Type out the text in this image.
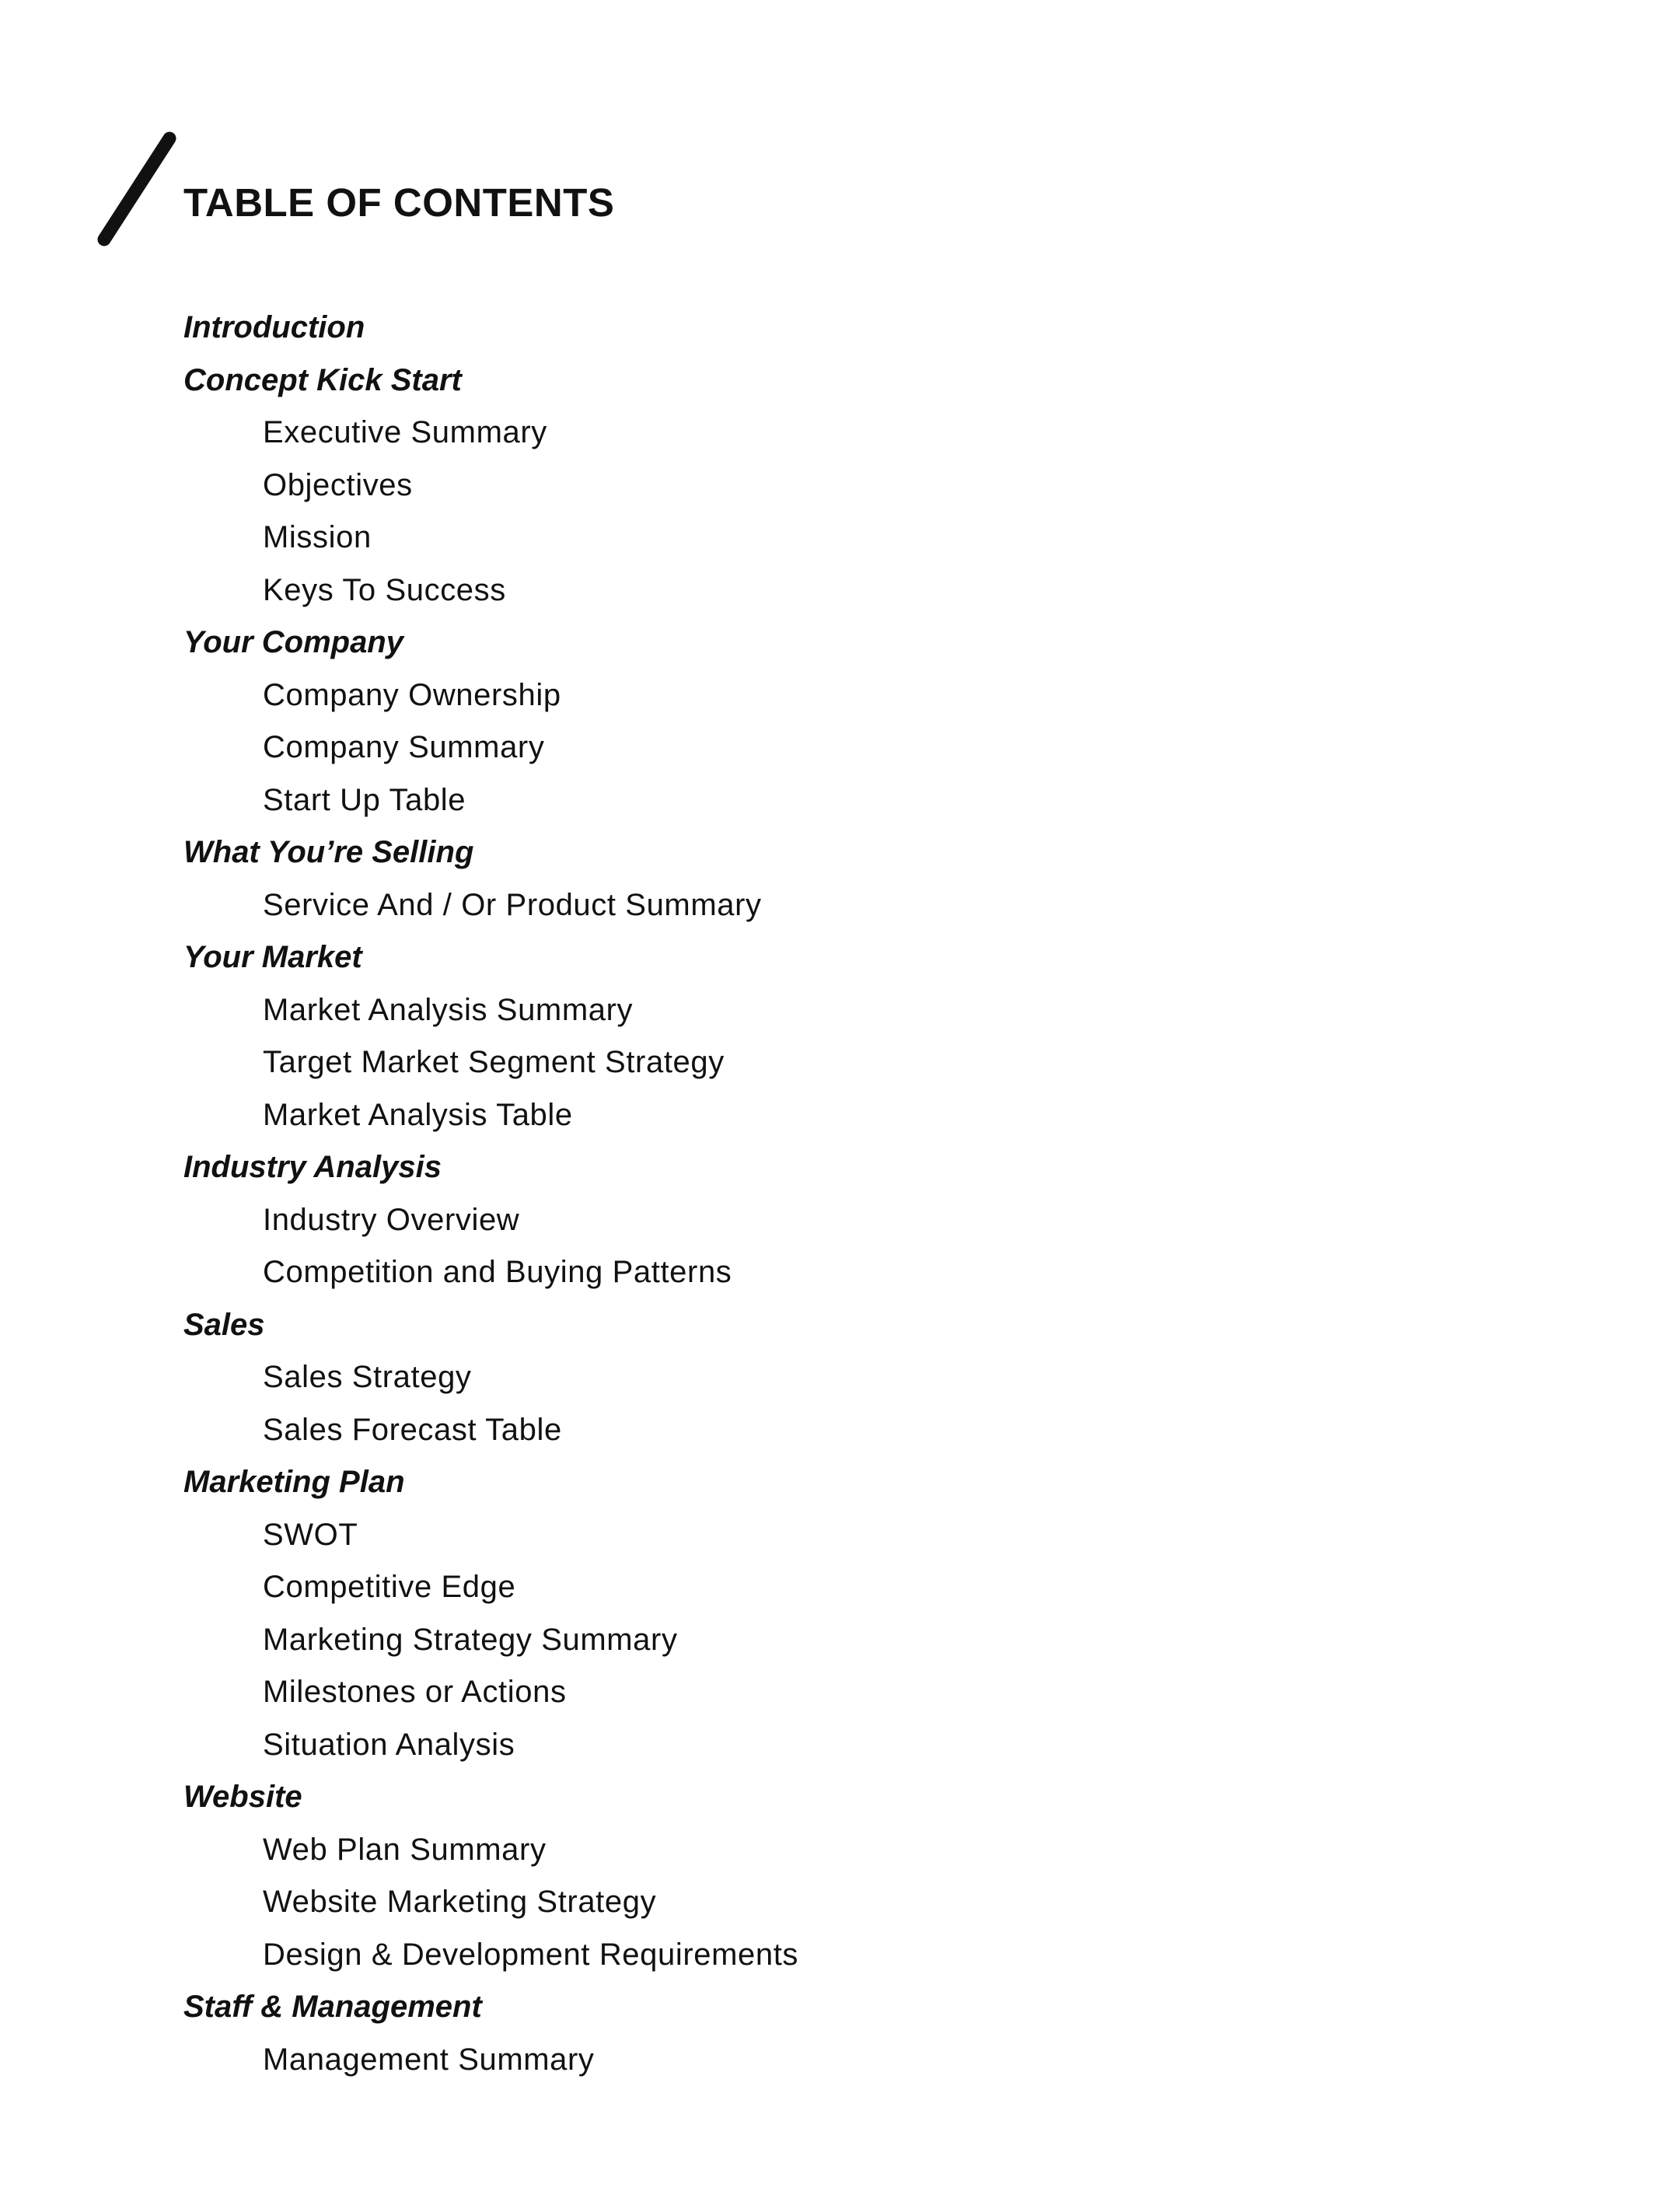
TABLE OF CONTENTS
Introduction
Concept Kick Start
Executive Summary
Objectives
Mission
Keys To Success
Your Company
Company Ownership
Company Summary
Start Up Table
What You’re Selling
Service And / Or Product Summary
Your Market
Market Analysis Summary
Target Market Segment Strategy
Market Analysis Table
Industry Analysis
Industry Overview
Competition and Buying Patterns
Sales
Sales Strategy
Sales Forecast Table
Marketing Plan
SWOT
Competitive Edge
Marketing Strategy Summary
Milestones or Actions
Situation Analysis
Website
Web Plan Summary
Website Marketing Strategy
Design & Development Requirements
Staff & Management
Management Summary
